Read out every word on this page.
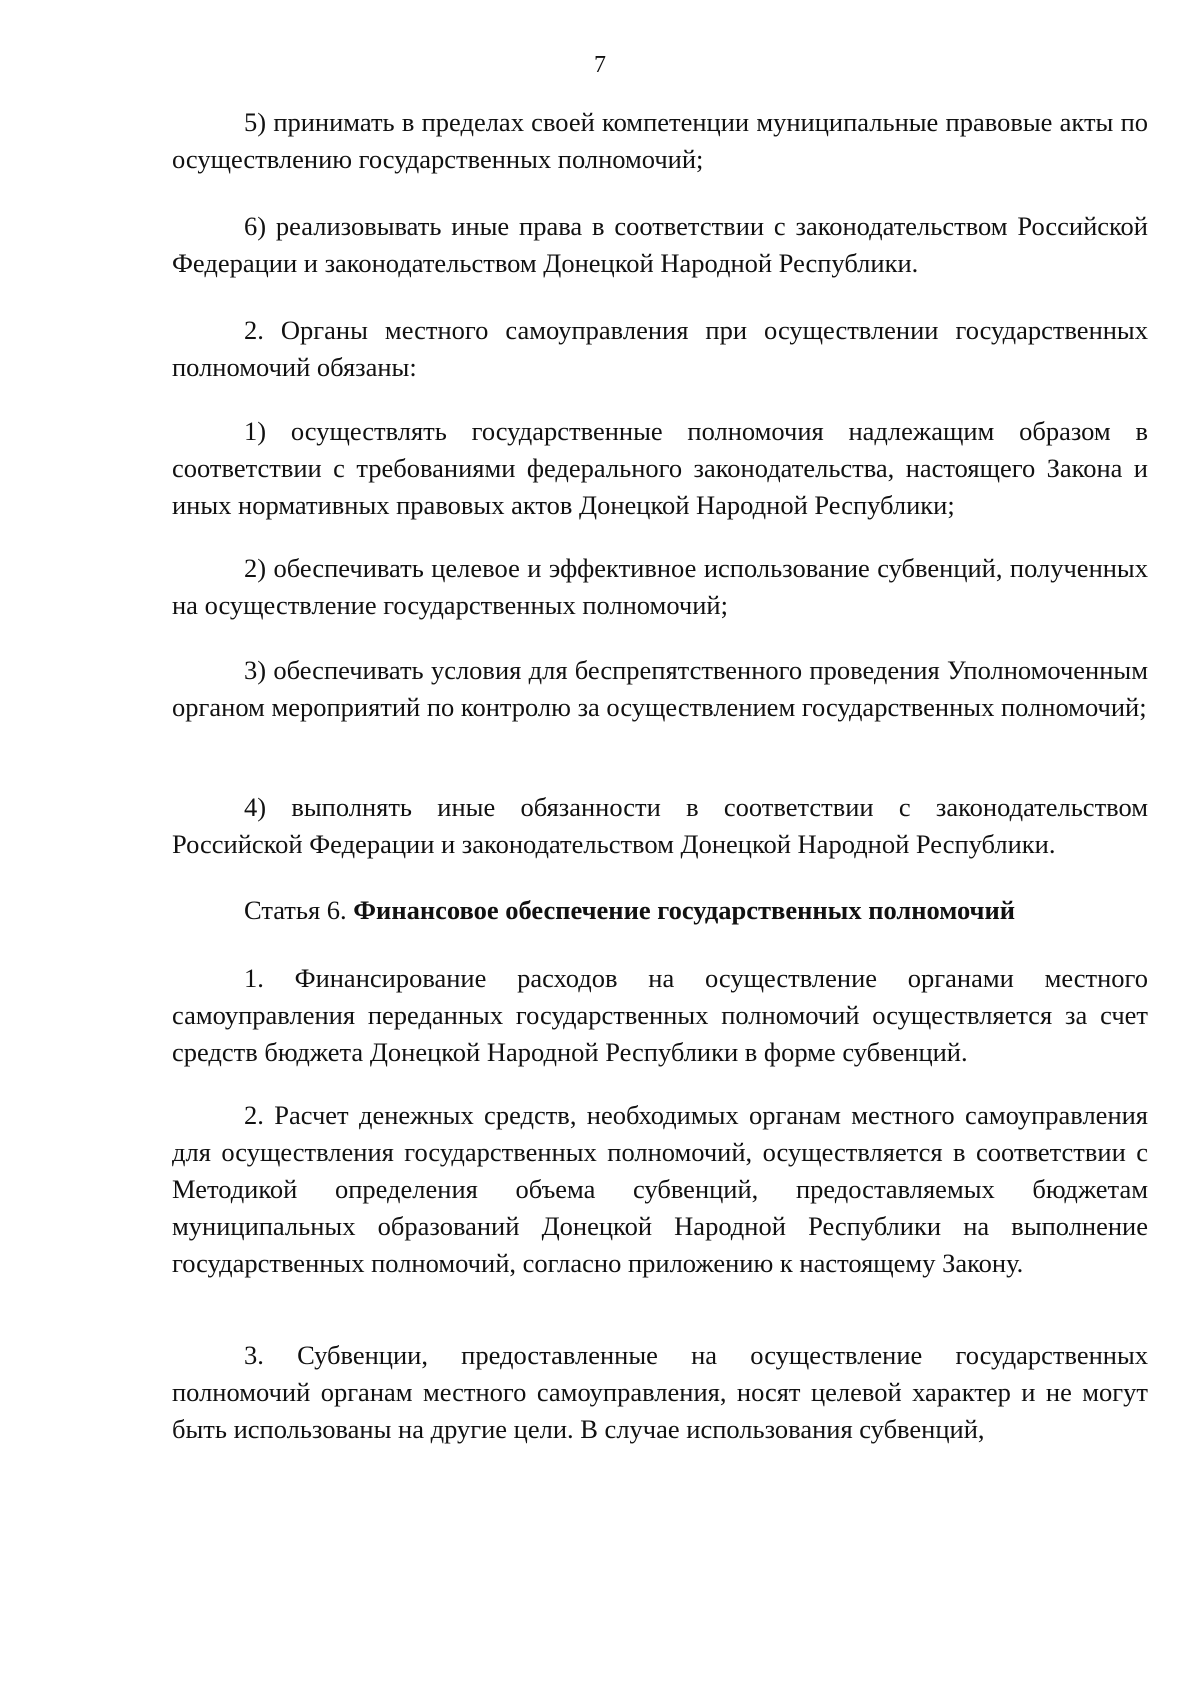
7

5) принимать в пределах своей компетенции муниципальные правовые акты по осуществлению государственных полномочий;

6) реализовывать иные права в соответствии с законодательством Российской Федерации и законодательством Донецкой Народной Республики.

2. Органы местного самоуправления при осуществлении государственных полномочий обязаны:

1) осуществлять государственные полномочия надлежащим образом в соответствии с требованиями федерального законодательства, настоящего Закона и иных нормативных правовых актов Донецкой Народной Республики;

2) обеспечивать целевое и эффективное использование субвенций, полученных на осуществление государственных полномочий;

3) обеспечивать условия для беспрепятственного проведения Уполномоченным органом мероприятий по контролю за осуществлением государственных полномочий;

4) выполнять иные обязанности в соответствии с законодательством Российской Федерации и законодательством Донецкой Народной Республики.

Статья 6. Финансовое обеспечение государственных полномочий

1. Финансирование расходов на осуществление органами местного самоуправления переданных государственных полномочий осуществляется за счет средств бюджета Донецкой Народной Республики в форме субвенций.

2. Расчет денежных средств, необходимых органам местного самоуправления для осуществления государственных полномочий, осуществляется в соответствии с Методикой определения объема субвенций, предоставляемых бюджетам муниципальных образований Донецкой Народной Республики на выполнение государственных полномочий, согласно приложению к настоящему Закону.

3. Субвенции, предоставленные на осуществление государственных полномочий органам местного самоуправления, носят целевой характер и не могут быть использованы на другие цели. В случае использования субвенций,
